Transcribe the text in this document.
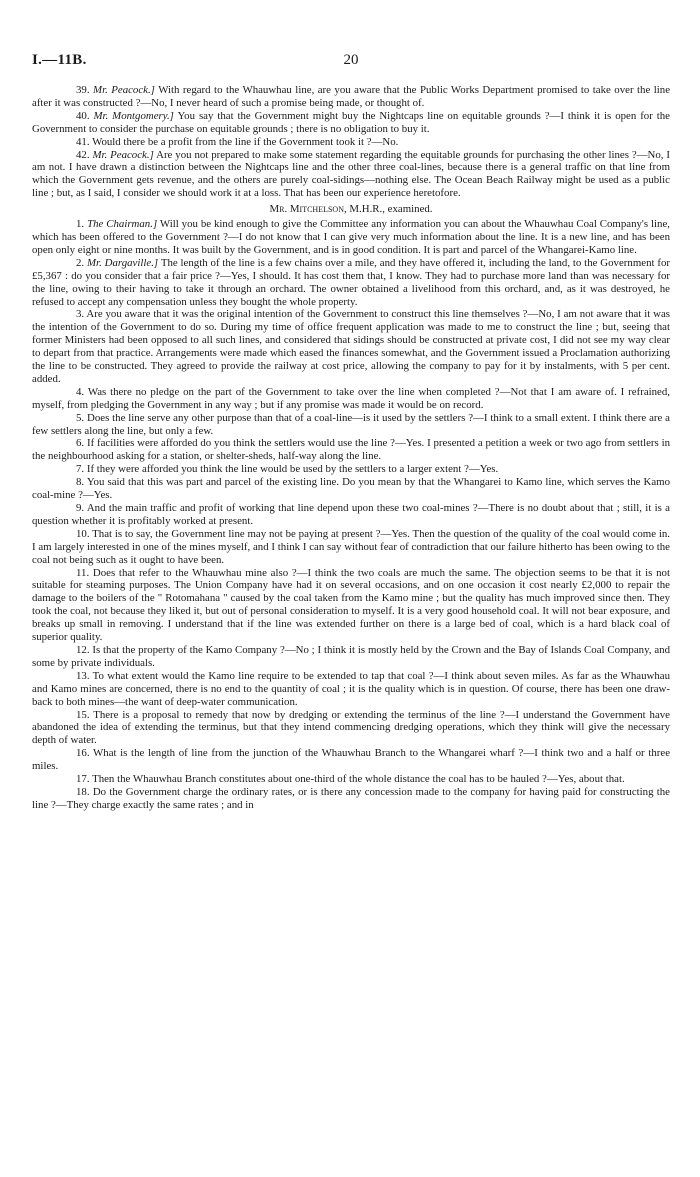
I.—11B.	20

39. Mr. Peacock.] With regard to the Whauwhau line, are you aware that the Public Works Department promised to take over the line after it was constructed ?—No, I never heard of such a promise being made, or thought of.

40. Mr. Montgomery.] You say that the Government might buy the Nightcaps line on equitable grounds ?—I think it is open for the Government to consider the purchase on equitable grounds ; there is no obligation to buy it.

41. Would there be a profit from the line if the Government took it ?—No.

42. Mr. Peacock.] Are you not prepared to make some statement regarding the equitable grounds for purchasing the other lines ?—No, I am not. I have drawn a distinction between the Nightcaps line and the other three coal-lines, because there is a general traffic on that line from which the Government gets revenue, and the others are purely coal-sidings—nothing else. The Ocean Beach Railway might be used as a public line ; but, as I said, I consider we should work it at a loss. That has been our experience heretofore.

Mr. Mitchelson, M.H.R., examined.

1. The Chairman.] Will you be kind enough to give the Committee any information you can about the Whauwhau Coal Company's line, which has been offered to the Government ?—I do not know that I can give very much information about the line. It is a new line, and has been open only eight or nine months. It was built by the Government, and is in good condition. It is part and parcel of the Whangarei-Kamo line.

2. Mr. Dargaville.] The length of the line is a few chains over a mile, and they have offered it, including the land, to the Government for £5,367 : do you consider that a fair price ?—Yes, I should. It has cost them that, I know. They had to purchase more land than was necessary for the line, owing to their having to take it through an orchard. The owner obtained a livelihood from this orchard, and, as it was destroyed, he refused to accept any compensation unless they bought the whole property.

3. Are you aware that it was the original intention of the Government to construct this line themselves ?—No, I am not aware that it was the intention of the Government to do so. During my time of office frequent application was made to me to construct the line ; but, seeing that former Ministers had been opposed to all such lines, and considered that sidings should be constructed at private cost, I did not see my way clear to depart from that practice. Arrangements were made which eased the finances somewhat, and the Government issued a Proclamation authorizing the line to be constructed. They agreed to provide the railway at cost price, allowing the company to pay for it by instalments, with 5 per cent. added.

4. Was there no pledge on the part of the Government to take over the line when completed ?—Not that I am aware of. I refrained, myself, from pledging the Government in any way ; but if any promise was made it would be on record.

5. Does the line serve any other purpose than that of a coal-line—is it used by the settlers ?—I think to a small extent. I think there are a few settlers along the line, but only a few.

6. If facilities were afforded do you think the settlers would use the line ?—Yes. I presented a petition a week or two ago from settlers in the neighbourhood asking for a station, or shelter-sheds, half-way along the line.

7. If they were afforded you think the line would be used by the settlers to a larger extent ?—Yes.

8. You said that this was part and parcel of the existing line. Do you mean by that the Whangarei to Kamo line, which serves the Kamo coal-mine ?—Yes.

9. And the main traffic and profit of working that line depend upon these two coal-mines ?—There is no doubt about that ; still, it is a question whether it is profitably worked at present.

10. That is to say, the Government line may not be paying at present ?—Yes. Then the question of the quality of the coal would come in. I am largely interested in one of the mines myself, and I think I can say without fear of contradiction that our failure hitherto has been owing to the coal not being such as it ought to have been.

11. Does that refer to the Whauwhau mine also ?—I think the two coals are much the same. The objection seems to be that it is not suitable for steaming purposes. The Union Company have had it on several occasions, and on one occasion it cost nearly £2,000 to repair the damage to the boilers of the " Rotomahana " caused by the coal taken from the Kamo mine ; but the quality has much improved since then. They took the coal, not because they liked it, but out of personal consideration to myself. It is a very good household coal. It will not bear exposure, and breaks up small in removing. I understand that if the line was extended further on there is a large bed of coal, which is a hard black coal of superior quality.

12. Is that the property of the Kamo Company ?—No ; I think it is mostly held by the Crown and the Bay of Islands Coal Company, and some by private individuals.

13. To what extent would the Kamo line require to be extended to tap that coal ?—I think about seven miles. As far as the Whauwhau and Kamo mines are concerned, there is no end to the quantity of coal ; it is the quality which is in question. Of course, there has been one draw-back to both mines—the want of deep-water communication.

15. There is a proposal to remedy that now by dredging or extending the terminus of the line ?—I understand the Government have abandoned the idea of extending the terminus, but that they intend commencing dredging operations, which they think will give the necessary depth of water.

16. What is the length of line from the junction of the Whauwhau Branch to the Whangarei wharf ?—I think two and a half or three miles.

17. Then the Whauwhau Branch constitutes about one-third of the whole distance the coal has to be hauled ?—Yes, about that.

18. Do the Government charge the ordinary rates, or is there any concession made to the company for having paid for constructing the line ?—They charge exactly the same rates ; and in
